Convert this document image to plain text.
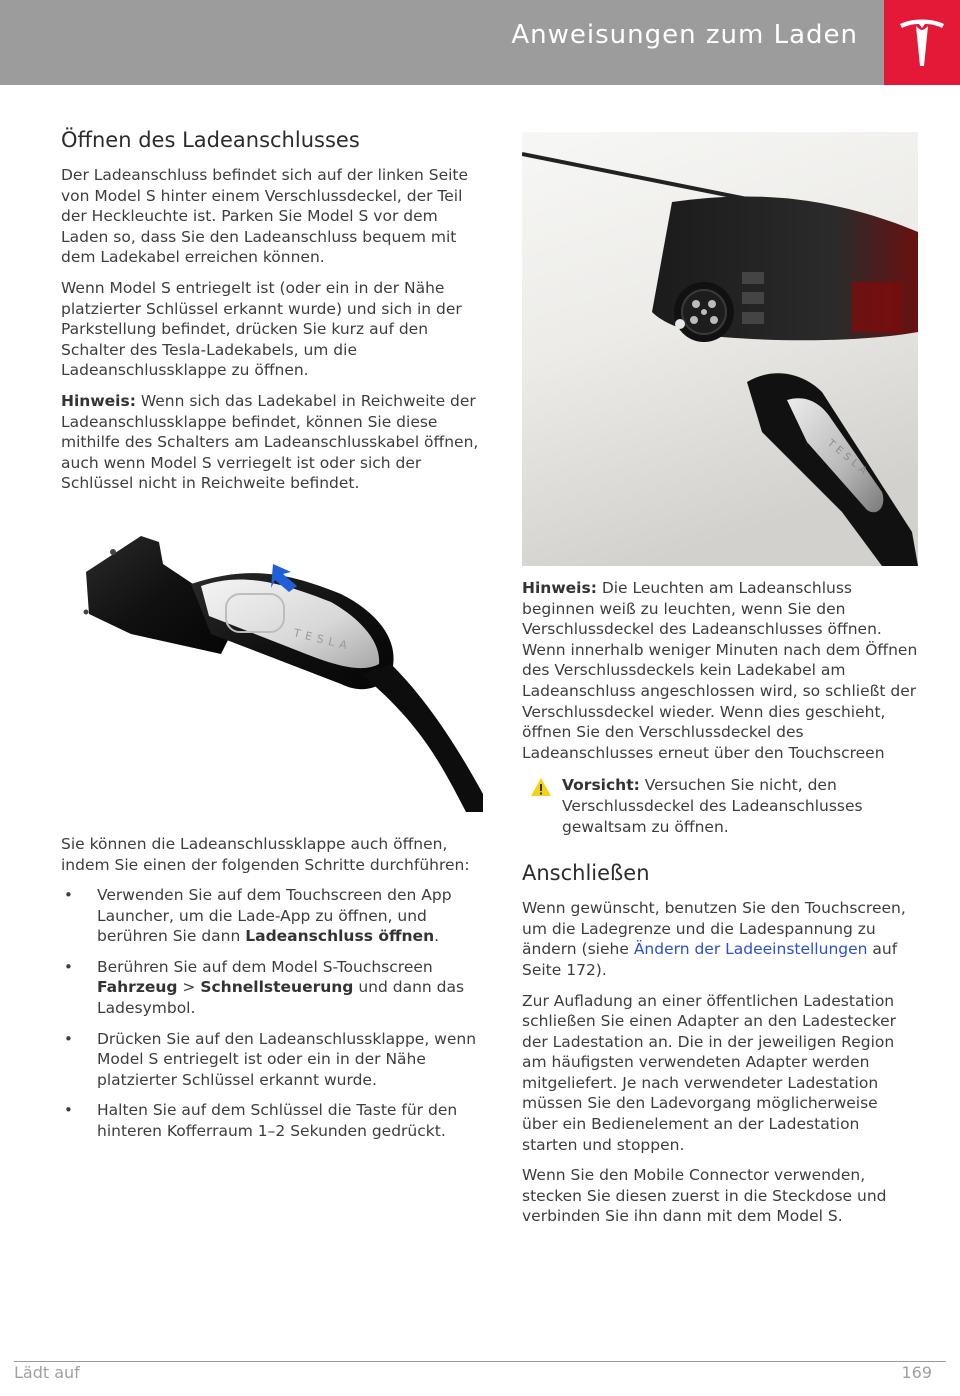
Anweisungen zum Laden
Öffnen des Ladeanschlusses

Der Ladeanschluss befindet sich auf der linken Seite von Model S hinter einem Verschlussdeckel, der Teil der Heckleuchte ist. Parken Sie Model S vor dem Laden so, dass Sie den Ladeanschluss bequem mit dem Ladekabel erreichen können.

Wenn Model S entriegelt ist (oder ein in der Nähe platzierter Schlüssel erkannt wurde) und sich in der Parkstellung befindet, drücken Sie kurz auf den Schalter des Tesla-Ladekabels, um die Ladeanschlussklappe zu öffnen.

Hinweis: Wenn sich das Ladekabel in Reichweite der Ladeanschlussklappe befindet, können Sie diese mithilfe des Schalters am Ladeanschlusskabel öffnen, auch wenn Model S verriegelt ist oder sich der Schlüssel nicht in Reichweite befindet.

TESLA

Sie können die Ladeanschlussklappe auch öffnen, indem Sie einen der folgenden Schritte durchführen:

• Verwenden Sie auf dem Touchscreen den App Launcher, um die Lade-App zu öffnen, und berühren Sie dann Ladeanschluss öffnen.
• Berühren Sie auf dem Model S-Touchscreen Fahrzeug > Schnellsteuerung und dann das Ladesymbol.
• Drücken Sie auf den Ladeanschlussklappe, wenn Model S entriegelt ist oder ein in der Nähe platzierter Schlüssel erkannt wurde.
• Halten Sie auf dem Schlüssel die Taste für den hinteren Kofferraum 1–2 Sekunden gedrückt.
TESLA

Hinweis: Die Leuchten am Ladeanschluss beginnen weiß zu leuchten, wenn Sie den Verschlussdeckel des Ladeanschlusses öffnen. Wenn innerhalb weniger Minuten nach dem Öffnen des Verschlussdeckels kein Ladekabel am Ladeanschluss angeschlossen wird, so schließt der Verschlussdeckel wieder. Wenn dies geschieht, öffnen Sie den Verschlussdeckel des Ladeanschlusses erneut über den Touchscreen

Vorsicht: Versuchen Sie nicht, den Verschlussdeckel des Ladeanschlusses gewaltsam zu öffnen.

Anschließen

Wenn gewünscht, benutzen Sie den Touchscreen, um die Ladegrenze und die Ladespannung zu ändern (siehe Ändern der Ladeeinstellungen auf Seite 172).

Zur Aufladung an einer öffentlichen Ladestation schließen Sie einen Adapter an den Ladestecker der Ladestation an. Die in der jeweiligen Region am häufigsten verwendeten Adapter werden mitgeliefert. Je nach verwendeter Ladestation müssen Sie den Ladevorgang möglicherweise über ein Bedienelement an der Ladestation starten und stoppen.

Wenn Sie den Mobile Connector verwenden, stecken Sie diesen zuerst in die Steckdose und verbinden Sie ihn dann mit dem Model S.

Lädt auf	169
